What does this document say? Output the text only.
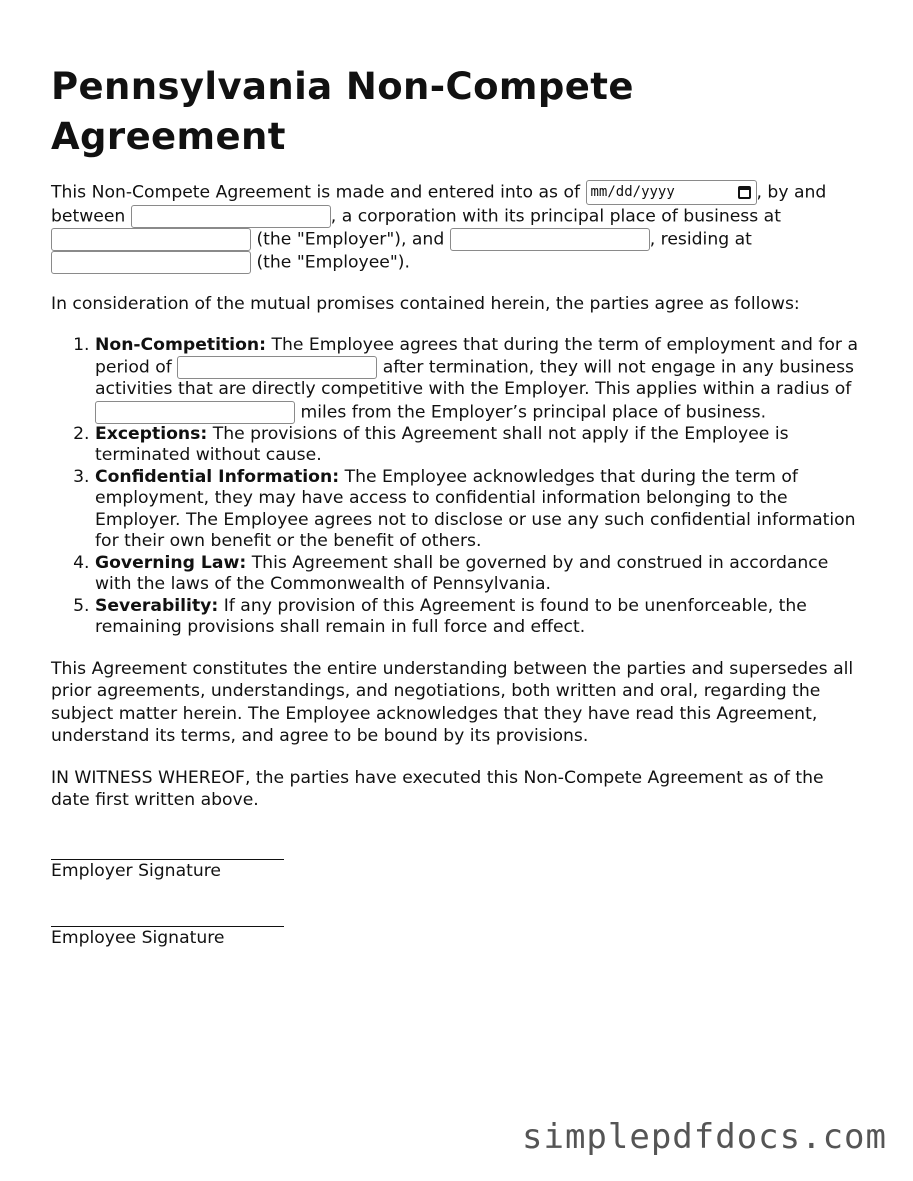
Pennsylvania Non-Compete Agreement

This Non-Compete Agreement is made and entered into as of mm/dd/yyyy	, by and between	, a corporation with its principal place of business at  (the "Employer"), and	, residing at  (the "Employee").

In consideration of the mutual promises contained herein, the parties agree as follows:

1. Non-Competition: The Employee agrees that during the term of employment and for a period of	after termination, they will not engage in any business activities that are directly competitive with the Employer. This applies within a radius of  miles from the Employer’s principal place of business.
2. Exceptions: The provisions of this Agreement shall not apply if the Employee is terminated without cause.
3. Confidential Information: The Employee acknowledges that during the term of employment, they may have access to confidential information belonging to the Employer. The Employee agrees not to disclose or use any such confidential information for their own benefit or the benefit of others.
4. Governing Law: This Agreement shall be governed by and construed in accordance with the laws of the Commonwealth of Pennsylvania.
5. Severability: If any provision of this Agreement is found to be unenforceable, the remaining provisions shall remain in full force and effect.

This Agreement constitutes the entire understanding between the parties and supersedes all prior agreements, understandings, and negotiations, both written and oral, regarding the subject matter herein. The Employee acknowledges that they have read this Agreement, understand its terms, and agree to be bound by its provisions.

IN WITNESS WHEREOF, the parties have executed this Non-Compete Agreement as of the date first written above.

Employer Signature
Employee Signature
simplepdfdocs.com
